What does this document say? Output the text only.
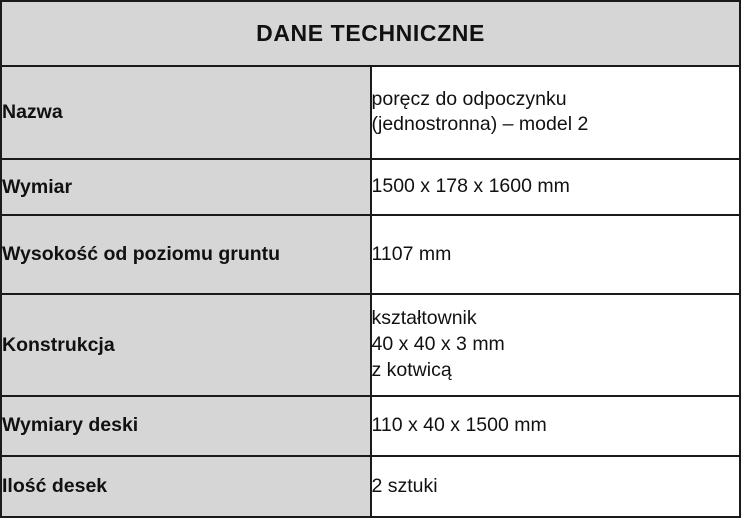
DANE TECHNICZNE	
Nazwa	poręcz do odpoczynku
(jednostronna) – model 2

Wymiar	1500 x 178 x 1600 mm

Wysokość od poziomu gruntu	1107 mm

Konstrukcja	kształtownik
40 x 40 x 3 mm
z kotwicą

Wymiary deski	110 x 40 x 1500 mm

Ilość desek	2 sztuki
